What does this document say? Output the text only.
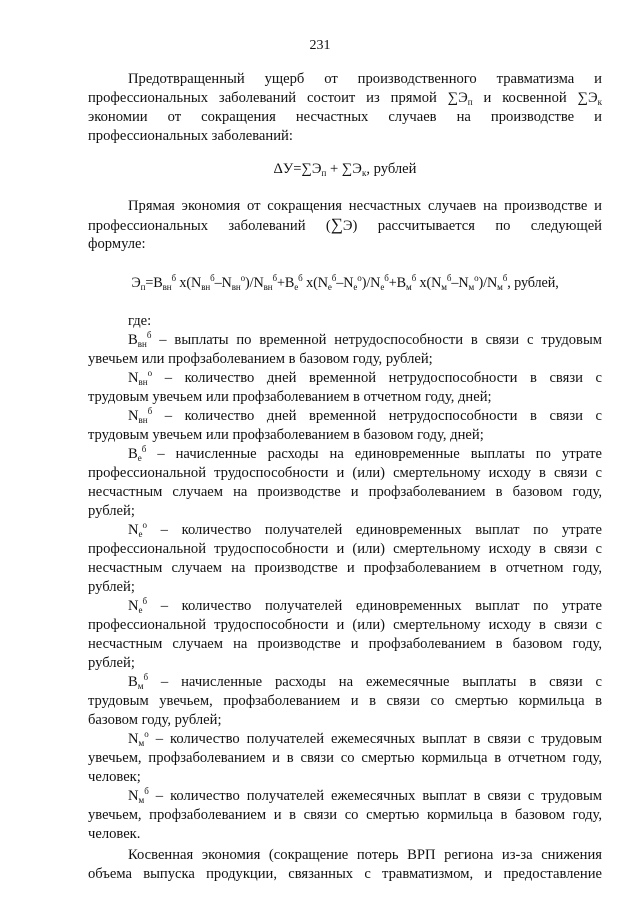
231
Предотвращенный ущерб от производственного травматизма и
профессиональных заболеваний состоит из прямой $\sum Э_п$ и косвенной $\sum Э_к$
экономии от сокращения несчастных случаев на производстве и
профессиональных заболеваний:
$\Delta У=\sum Э_п + \sum Э_к$, рублей
Прямая экономия от сокращения несчастных случаев на производстве и
профессиональных заболеваний (∑Э) рассчитывается по следующей
формуле:
$Э_п=В_{вн}^б$ $х(N_{вн}^б-N_{вн}^о)/N_{вн}^б+В_е^б$ $х(N_е^б-N_е^о)/N_е^б+В_м^б$ $х(N_м^б-N_м^о)/N_м^б$, рублей,
где:
$В_{вн}^б$ – выплаты по временной нетрудоспособности в связи с трудовым
увечьем или профзаболеванием в базовом году, рублей;
$N_{вн}^о$ – количество дней временной нетрудоспособности в связи с
трудовым увечьем или профзаболеванием в отчетном году, дней;
$N_{вн}^б$ – количество дней временной нетрудоспособности в связи с
трудовым увечьем или профзаболеванием в базовом году, дней;
$В_е^б$ – начисленные расходы на единовременные выплаты по утрате
профессиональной трудоспособности и (или) смертельному исходу в связи с
несчастным случаем на производстве и профзаболеванием в базовом году,
рублей;
$N_е^о$ – количество получателей единовременных выплат по утрате
профессиональной трудоспособности и (или) смертельному исходу в связи с
несчастным случаем на производстве и профзаболеванием в отчетном году,
рублей;
$N_е^б$ – количество получателей единовременных выплат по утрате
профессиональной трудоспособности и (или) смертельному исходу в связи с
несчастным случаем на производстве и профзаболеванием в базовом году,
рублей;
$В_м^б$ – начисленные расходы на ежемесячные выплаты в связи с
трудовым увечьем, профзаболеванием и в связи со смертью кормильца в
базовом году, рублей;
$N_м^о$ – количество получателей ежемесячных выплат в связи с трудовым
увечьем, профзаболеванием и в связи со смертью кормильца в отчетном году,
человек;
$N_м^б$ – количество получателей ежемесячных выплат в связи с трудовым
увечьем, профзаболеванием и в связи со смертью кормильца в базовом году,
человек.
Косвенная экономия (сокращение потерь ВРП региона из-за снижения
объема выпуска продукции, связанных с травматизмом, и предоставление
